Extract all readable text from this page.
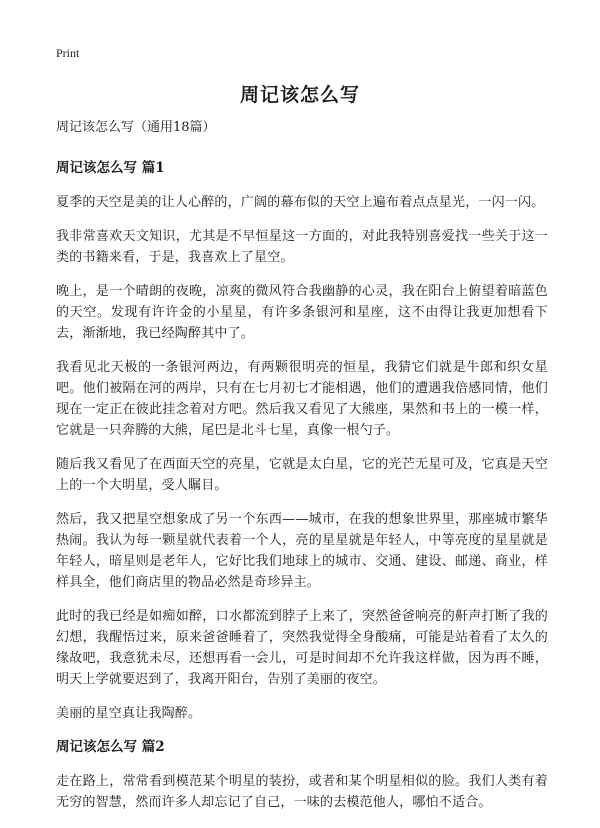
Print
周记该怎么写

周记该怎么写（通用18篇）

周记该怎么写 篇1

夏季的天空是美的让人心醉的，广阔的幕布似的天空上遍布着点点星光，一闪一闪。

我非常喜欢天文知识，尤其是不早恒星这一方面的，对此我特别喜爱找一些关于这一类的书籍来看，于是，我喜欢上了星空。

晚上，是一个晴朗的夜晚，凉爽的微风符合我幽静的心灵，我在阳台上俯望着暗蓝色的天空。发现有许许金的小星星，有许多条银河和星座，这不由得让我更加想看下去，渐渐地，我已经陶醉其中了。

我看见北天极的一条银河两边，有两颗很明亮的恒星，我猜它们就是牛郎和织女星吧。他们被隔在河的两岸，只有在七月初七才能相遇，他们的遭遇我倍感同情，他们现在一定正在彼此挂念着对方吧。然后我又看见了大熊座，果然和书上的一模一样，它就是一只奔腾的大熊，尾巴是北斗七星，真像一根勺子。

随后我又看见了在西面天空的亮星，它就是太白星，它的光芒无星可及，它真是天空上的一个大明星，受人瞩目。

然后，我又把星空想象成了另一个东西——城市，在我的想象世界里，那座城市繁华热闹。我认为每一颗星就代表着一个人，亮的星星就是年轻人，中等亮度的星星就是年轻人，暗星则是老年人，它好比我们地球上的城市、交通、建设、邮递、商业，样样具全，他们商店里的物品必然是奇珍异主。

此时的我已经是如痴如醉，口水都流到脖子上来了，突然爸爸响亮的鼾声打断了我的幻想，我醒悟过来，原来爸爸睡着了，突然我觉得全身酸痛，可能是站着看了太久的缘故吧，我意犹未尽，还想再看一会儿，可是时间却不允许我这样做，因为再不睡，明天上学就要迟到了，我离开阳台，告别了美丽的夜空。

美丽的星空真让我陶醉。

周记该怎么写 篇2

走在路上，常常看到模范某个明星的装扮，或者和某个明星相似的脸。我们人类有着无穷的智慧，然而许多人却忘记了自己，一味的去模范他人，哪怕不适合。
